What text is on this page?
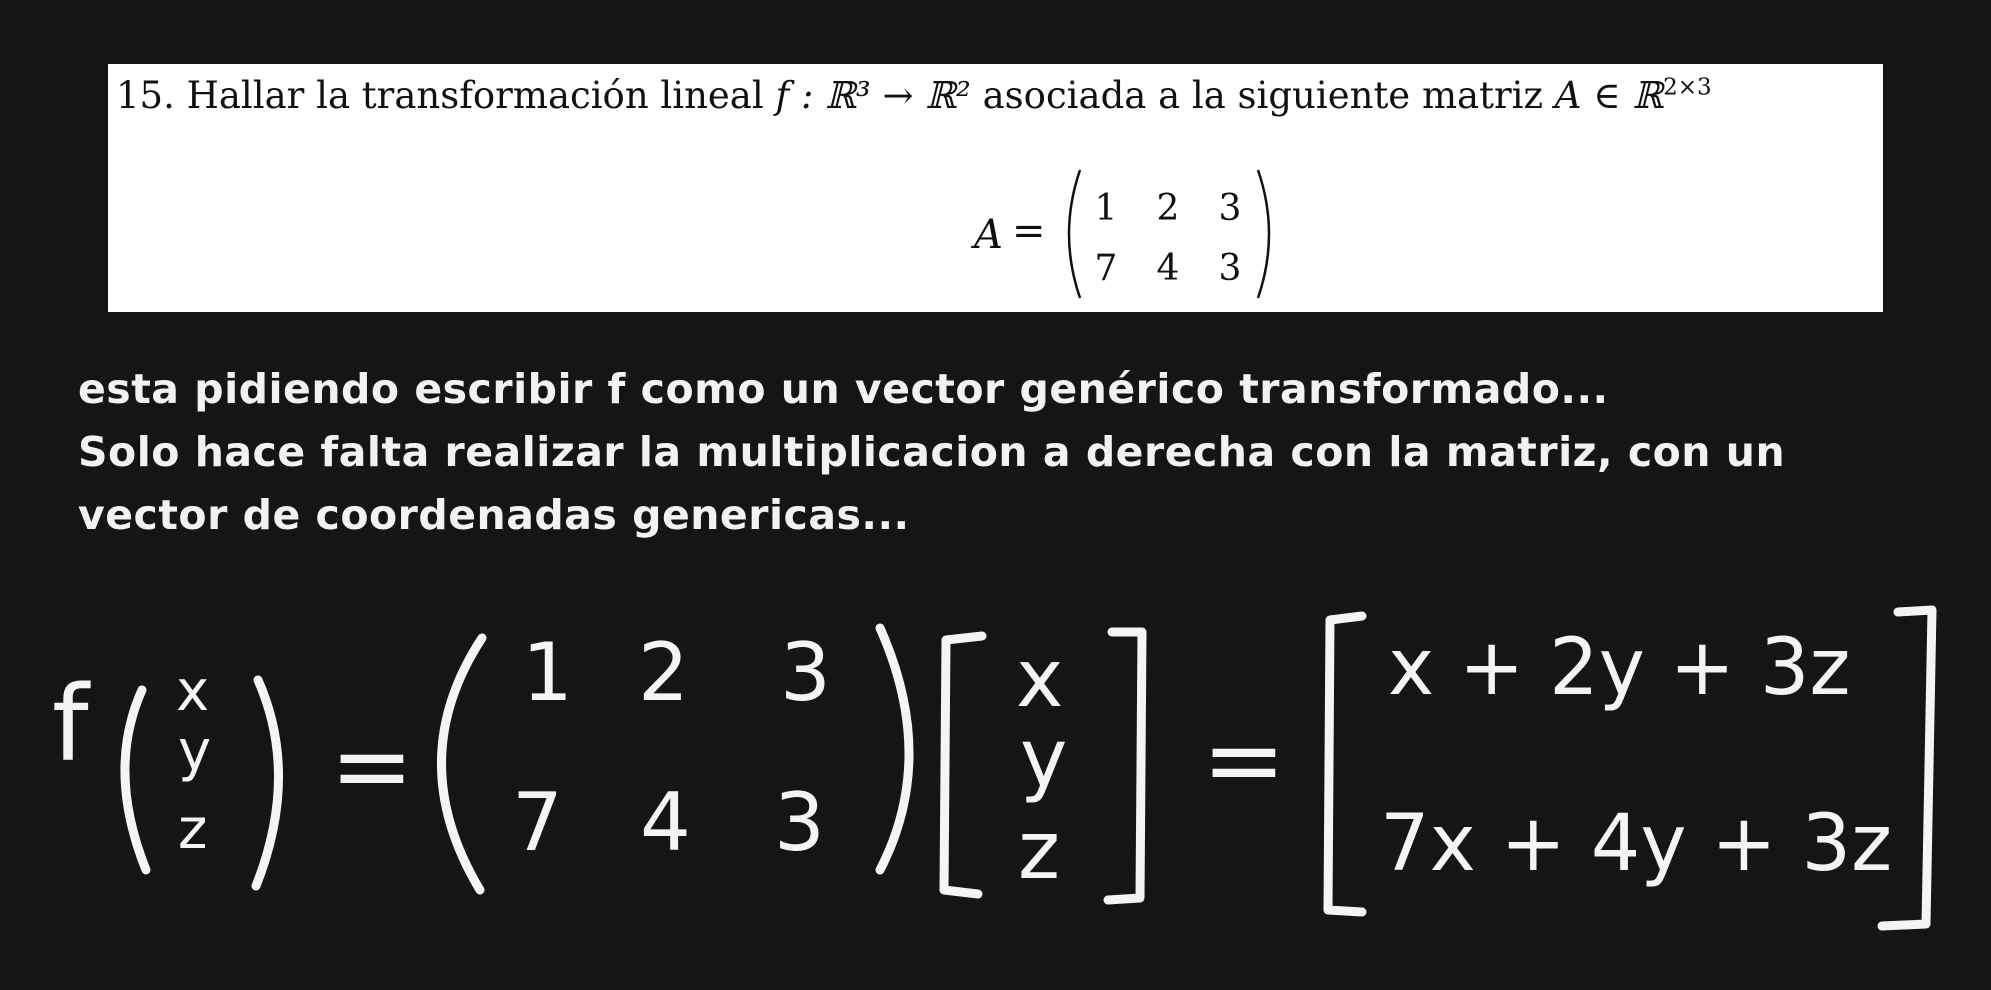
15. Hallar la transformación lineal f : ℝ³ → ℝ² asociada a la siguiente matriz A ∈ ℝ$^{2\times 3}$
A = 1 2 3
7 4 3
esta pidiendo escribir f como un vector genérico transformado...
Solo hace falta realizar la multiplicacion a derecha con la matriz, con un
vector de coordenadas genericas...
f x
y
z
=
1 2 3
7 4 3
x
y
z
=
x + 2y + 3z
7x + 4y + 3z
